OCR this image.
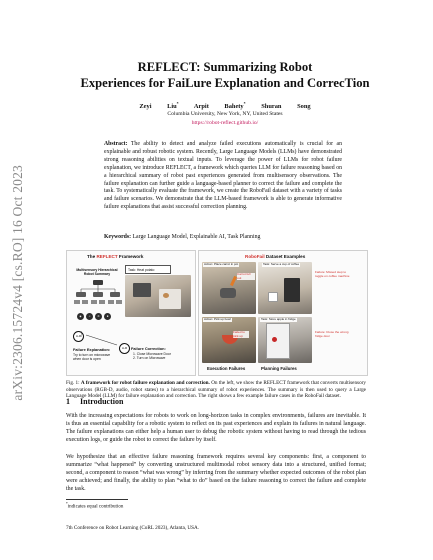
arXiv:2306.15724v4 [cs.RO] 16 Oct 2023
REFLECT: Summarizing Robot
Experiences for FaiLure Explanation and CorrecTion
Zeyi Liu* Arpit Bahety* Shuran Song
Columbia University, New York, NY, United States
https://robot-reflect.github.io/
Abstract: The ability to detect and analyze failed executions automatically is crucial for an explainable and robust robotic system. Recently, Large Language Models (LLMs) have demonstrated strong reasoning abilities on textual inputs. To leverage the power of LLMs for robot failure explanation, we introduce REFLECT, a framework which queries LLM for failure reasoning based on a hierarchical summary of robot past experiences generated from multisensory observations. The failure explanation can further guide a language-based planner to correct the failure and complete the task. To systematically evaluate the framework, we create the RoboFail dataset with a variety of tasks and failure scenarios. We demonstrate that the LLM-based framework is able to generate informative failure explanations that assist successful correction planning.
Keywords: Large Language Model, Explainable AI, Task Planning
The REFLECT Framework
Multisensory Hierarchical Robot Summary
Task: Heat potato
◉	♫	⚙	■
LLM
LLM
Failure Explanation:
Try to turn on microwave when door is open
Failure Correction:
1. Close Microwave Door
2. Turn on Microwave
RoboFail Dataset Examples
Action: Place carrot in pot	Task: Serve a cup of coffee
Action: Pick up bowl	Task: Store apple in fridge
Carrot fell out
Failure: Missed step to toggle on coffee machine
Failed to pick up
Failure: Close the wrong fridge door
Execution Failures	Planning Failures
Fig. 1: A framework for robot failure explanation and correction. On the left, we show the REFLECT framework that converts multisensory observations (RGB-D, audio, robot states) to a hierarchical summary of robot experiences. The summary is then used to query a Large Language Model (LLM) for failure explanation and correction. The right shows a few example failure cases in the RoboFail dataset.
1 Introduction
With the increasing expectations for robots to work on long-horizon tasks in complex environments, failures are inevitable. It is thus an essential capability for a robotic system to reflect on its past experiences and explain its failures in natural language. The failure explanations can either help a human user to debug the robotic system without having to read through the tedious execution logs, or guide the robot to correct the failure by itself.
We hypothesize that an effective failure reasoning framework requires several key components: first, a component to summarize “what happened” by converting unstructured multimodal robot sensory data into a structured, unified format; second, a component to reason “what was wrong” by inferring from the summary whether expected outcomes of the robot plan were achieved; and finally, the ability to plan “what to do” based on the failure reasoning to correct the failure and complete the task.
*indicates equal contribution
7th Conference on Robot Learning (CoRL 2023), Atlanta, USA.
